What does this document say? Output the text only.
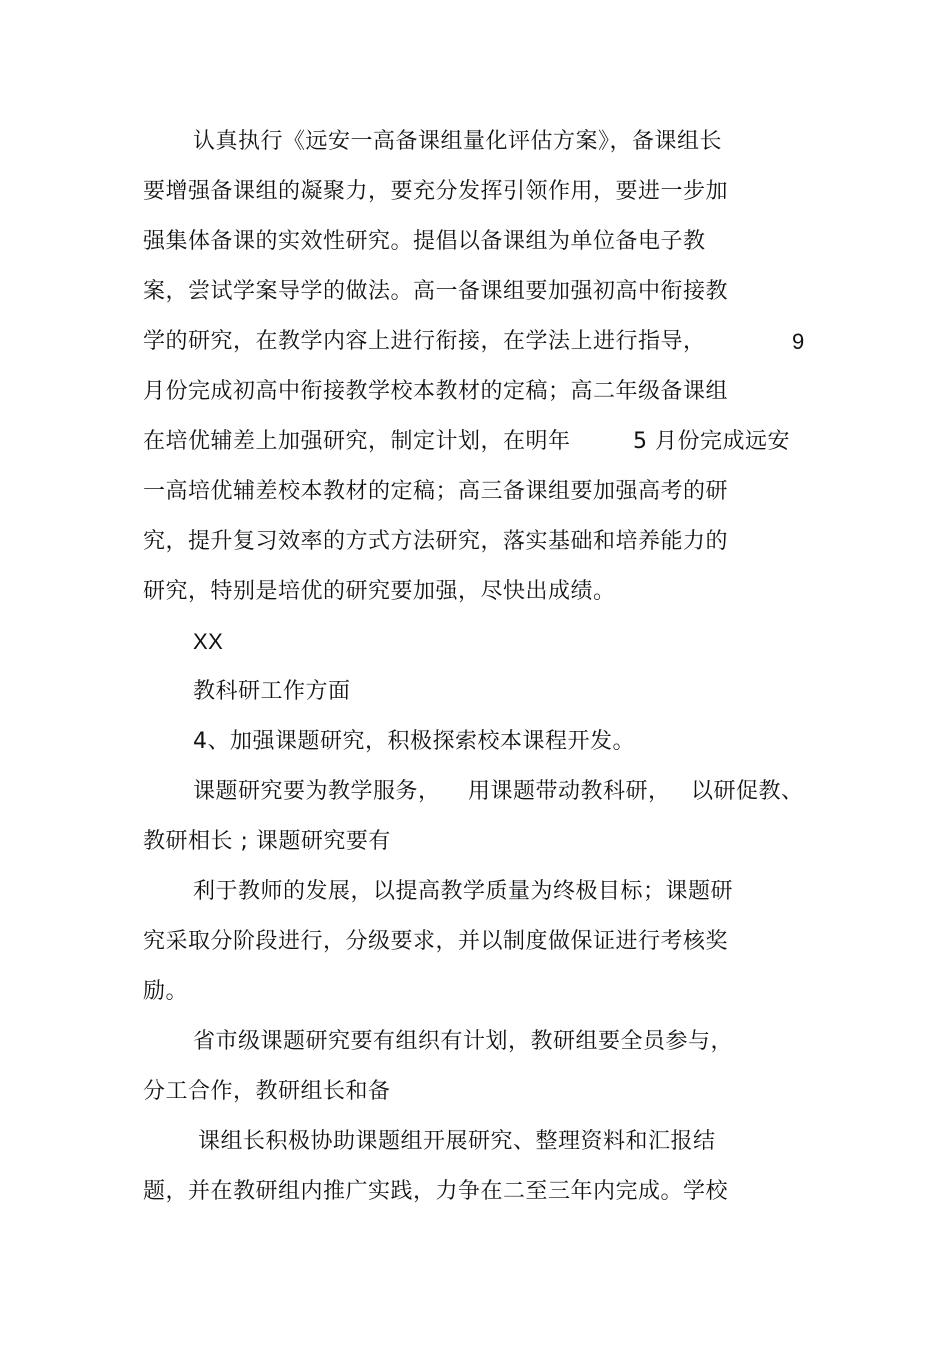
认真执行《远安一高备课组量化评估方案》，备课组长
要增强备课组的凝聚力，要充分发挥引领作用，要进一步加
强集体备课的实效性研究。提倡以备课组为单位备电子教
案，尝试学案导学的做法。高一备课组要加强初高中衔接教
学的研究，在教学内容上进行衔接，在学法上进行指导，	9
月份完成初高中衔接教学校本教材的定稿；高二年级备课组
在培优辅差上加强研究，制定计划，在明年	5 月份完成远安
一高培优辅差校本教材的定稿；高三备课组要加强高考的研
究，提升复习效率的方式方法研究，落实基础和培养能力的
研究，特别是培优的研究要加强，尽快出成绩。
XX
教科研工作方面
4、加强课题研究，积极探索校本课程开发。
课题研究要为教学服务， 用课题带动教科研， 以研促教、
教研相长 ; 课题研究要有
利于教师的发展，以提高教学质量为终极目标；课题研
究采取分阶段进行，分级要求，并以制度做保证进行考核奖
励。
省市级课题研究要有组织有计划，教研组要全员参与，
分工合作，教研组长和备
课组长积极协助课题组开展研究、整理资料和汇报结
题，并在教研组内推广实践，力争在二至三年内完成。学校
